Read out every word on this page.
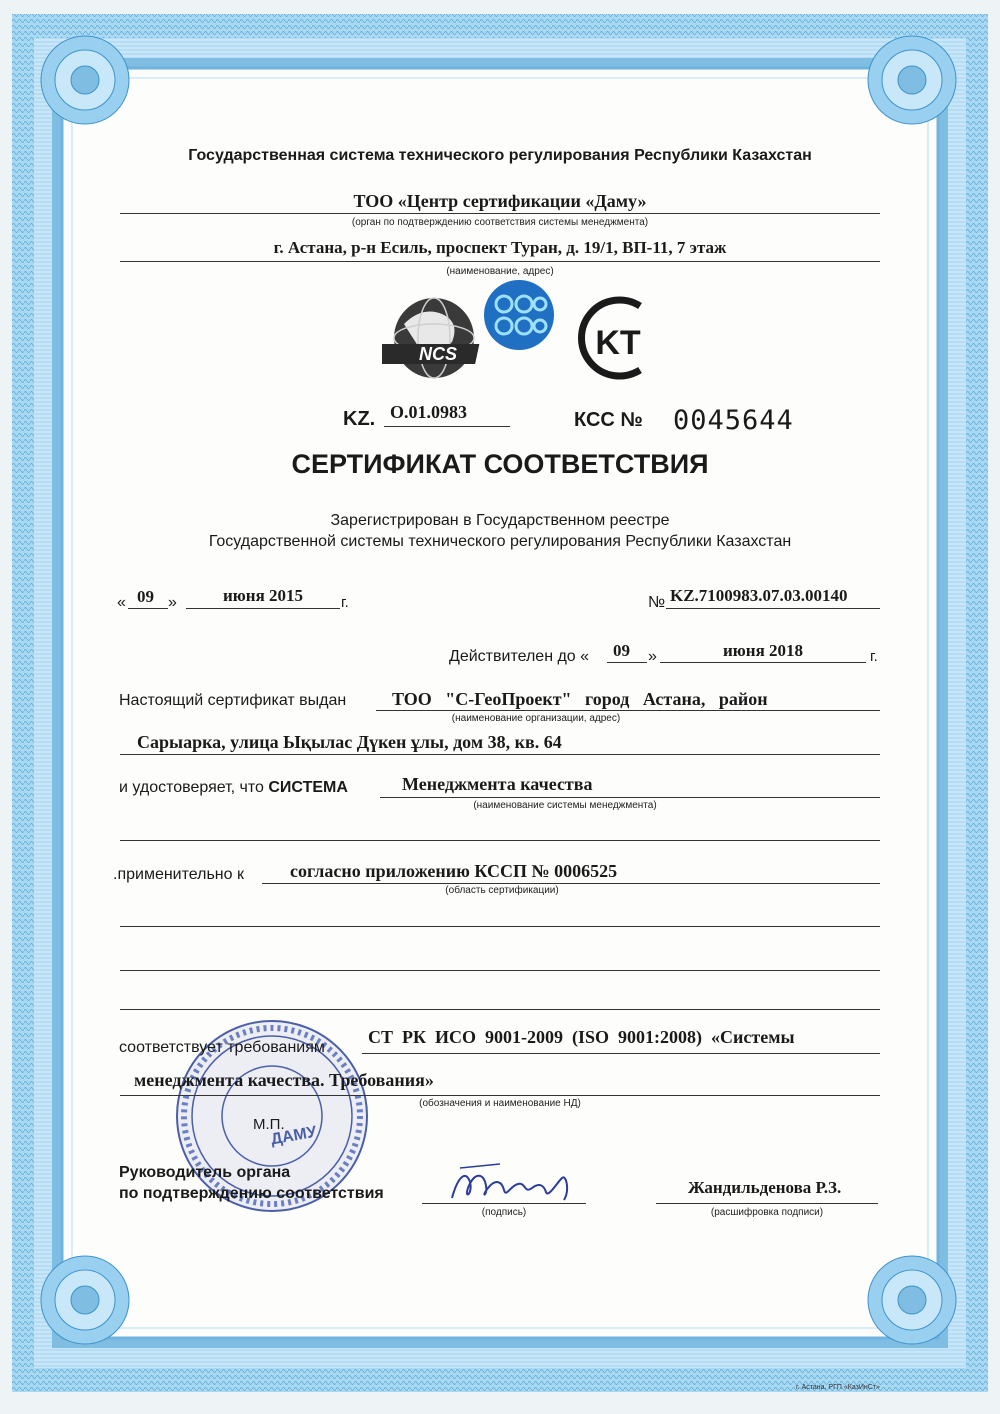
Государственная система технического регулирования Республики Казахстан
ТОО «Центр сертификации «Даму»
(орган по подтверждению соответствия системы менеджмента)
г. Астана, р-н Есиль, проспект Туран, д. 19/1, ВП-11, 7 этаж
(наименование, адрес)
NCS	KT
KZ. О.01.0983	КСС № 0045644
СЕРТИФИКАТ СООТВЕТСТВИЯ
Зарегистрирован в Государственном реестре
Государственной системы технического регулирования Республики Казахстан
« 09 »	июня 2015	г.	№ KZ.7100983.07.03.00140
Действителен до « 09 »	июня 2018	г.
Настоящий сертификат выдан	ТОО   "С-ГеоПроект"   город   Астана,   район
(наименование организации, адрес)
Сарыарка, улица Ықылас Дүкен ұлы, дом 38, кв. 64
и удостоверяет, что СИСТЕМА	Менеджмента качества
(наименование системы менеджмента)
.применительно к	согласно приложению КССП № 0006525
(область сертификации)
ДАМУ
соответствует требованиям
СТ  РК  ИСО  9001-2009  (ISO  9001:2008)  «Системы
менеджмента качества. Требования»
(обозначения и наименование НД)
М.П.
Руководитель органа
по подтверждению соответствия
(подпись)
Жандильденова Р.З.
(расшифровка подписи)
г. Астана, РГП «КазИнСт»
